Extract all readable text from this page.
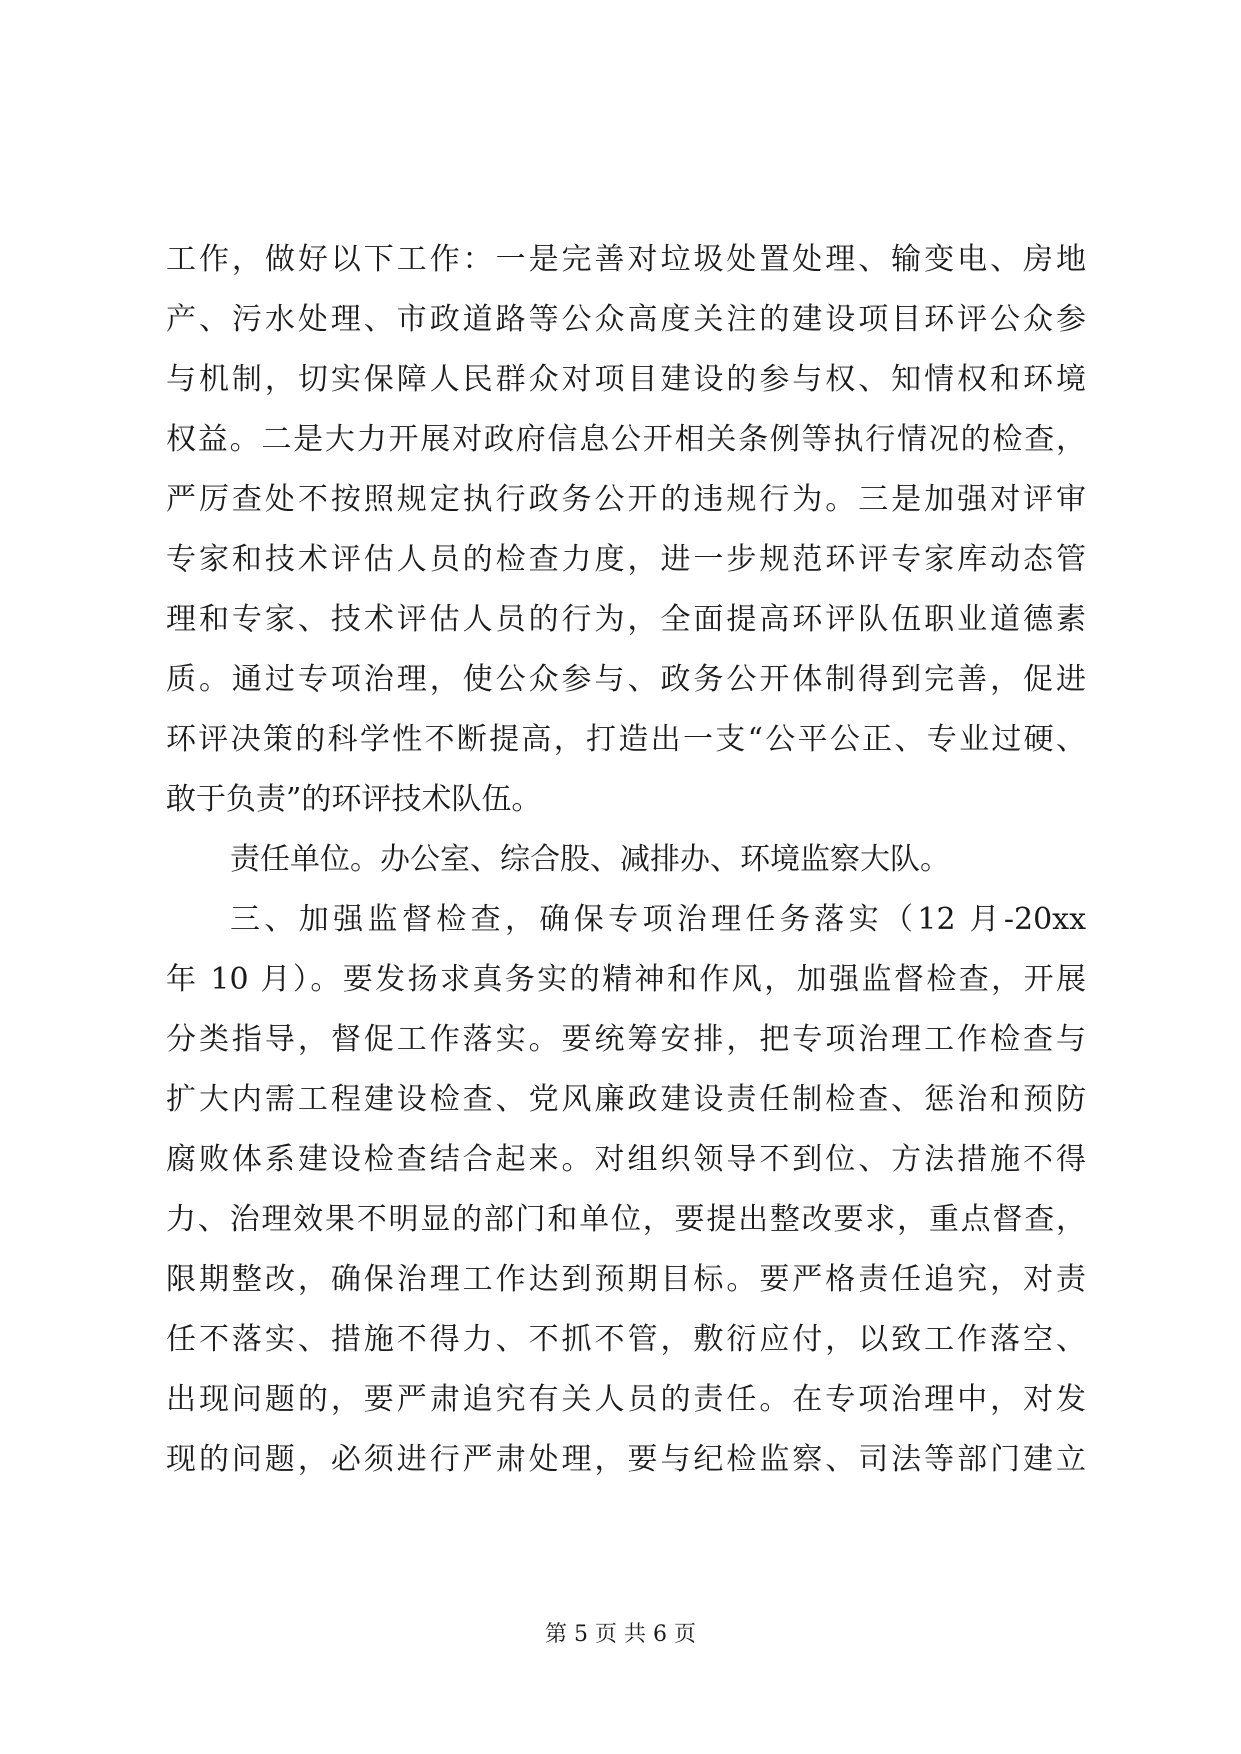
工作，做好以下工作：一是完善对垃圾处置处理、输变电、房地
产、污水处理、市政道路等公众高度关注的建设项目环评公众参
与机制，切实保障人民群众对项目建设的参与权、知情权和环境
权益。二是大力开展对政府信息公开相关条例等执行情况的检查，
严厉查处不按照规定执行政务公开的违规行为。三是加强对评审
专家和技术评估人员的检查力度，进一步规范环评专家库动态管
理和专家、技术评估人员的行为，全面提高环评队伍职业道德素
质。通过专项治理，使公众参与、政务公开体制得到完善，促进
环评决策的科学性不断提高，打造出一支“公平公正、专业过硬、
敢于负责”的环评技术队伍。
责任单位。办公室、综合股、减排办、环境监察大队。
三、加强监督检查，确保专项治理任务落实（12 月-20xx
年 10 月）。要发扬求真务实的精神和作风，加强监督检查，开展
分类指导，督促工作落实。要统筹安排，把专项治理工作检查与
扩大内需工程建设检查、党风廉政建设责任制检查、惩治和预防
腐败体系建设检查结合起来。对组织领导不到位、方法措施不得
力、治理效果不明显的部门和单位，要提出整改要求，重点督查，
限期整改，确保治理工作达到预期目标。要严格责任追究，对责
任不落实、措施不得力、不抓不管，敷衍应付，以致工作落空、
出现问题的，要严肃追究有关人员的责任。在专项治理中，对发
现的问题，必须进行严肃处理，要与纪检监察、司法等部门建立
第 5 页 共 6 页
